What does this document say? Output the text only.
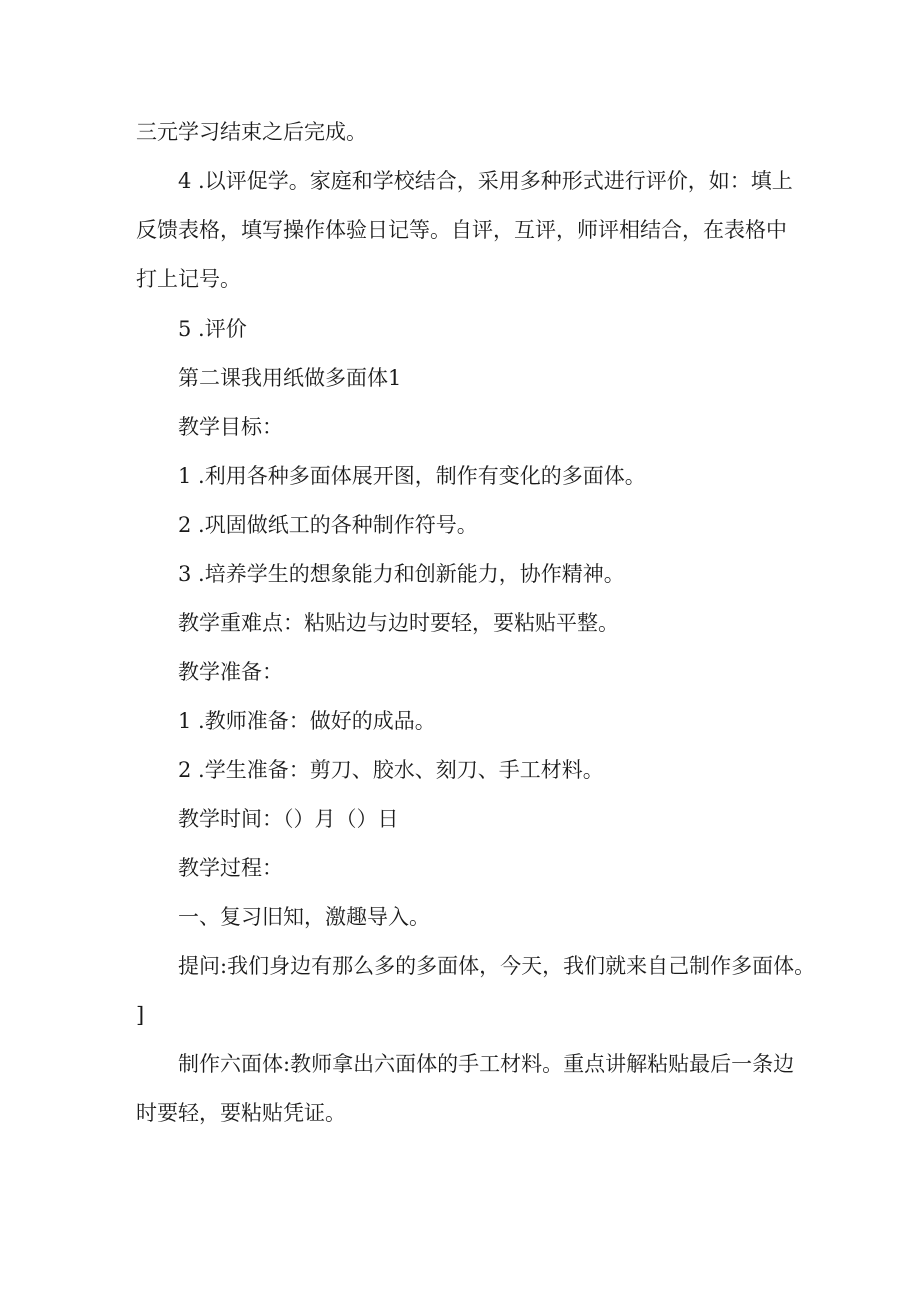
三元学习结束之后完成。

4 .以评促学。家庭和学校结合，采用多种形式进行评价，如：填上

反馈表格，填写操作体验日记等。自评，互评，师评相结合，在表格中

打上记号。

5 .评价

第二课我用纸做多面体1

教学目标：

1 .利用各种多面体展开图，制作有变化的多面体。

2 .巩固做纸工的各种制作符号。

3 .培养学生的想象能力和创新能力，协作精神。

教学重难点：粘贴边与边时要轻，要粘贴平整。

教学准备：

1 .教师准备：做好的成品。

2 .学生准备：剪刀、胶水、刻刀、手工材料。

教学时间：（）月（）日

教学过程：

一、复习旧知，激趣导入。

提问:我们身边有那么多的多面体，今天，我们就来自己制作多面体。

]

制作六面体:教师拿出六面体的手工材料。重点讲解粘贴最后一条边

时要轻，要粘贴凭证。
